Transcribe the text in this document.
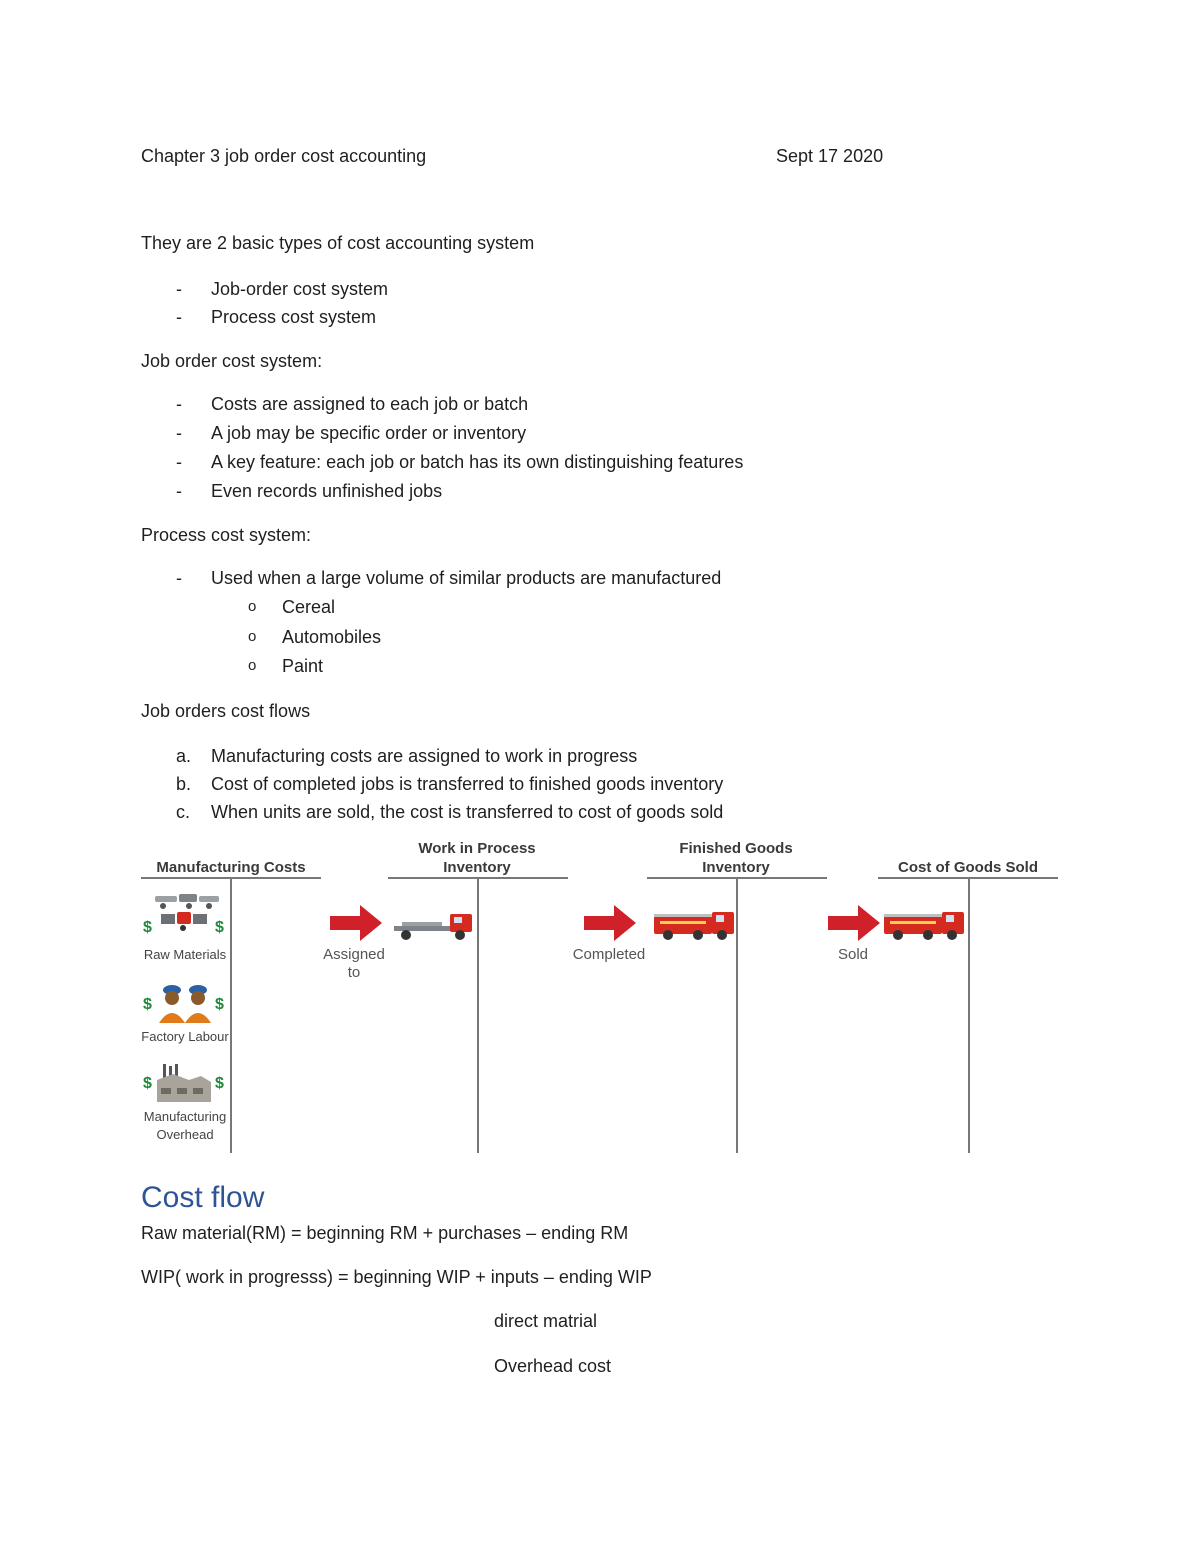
Chapter 3 job order cost accounting	Sept 17 2020
They are 2 basic types of cost accounting system
- Job-order cost system
- Process cost system
Job order cost system:
- Costs are assigned to each job or batch
- A job may be specific order or inventory
- A key feature: each job or batch has its own distinguishing features
- Even records unfinished jobs
Process cost system:
- Used when a large volume of similar products are manufactured
o Cereal
o Automobiles
o Paint
Job orders cost flows
a. Manufacturing costs are assigned to work in progress
b. Cost of completed jobs is transferred to finished goods inventory
c. When units are sold, the cost is transferred to cost of goods sold
Manufacturing Costs
Work in Process
Inventory
Finished Goods
Inventory	Cost of Goods Sold
$	$
Raw Materials
$	$
Factory Labour
$	$
Manufacturing
Overhead
Assigned
to
Completed	Sold
Cost flow
Raw material(RM) = beginning RM + purchases – ending RM
WIP( work in progresss) = beginning WIP + inputs – ending WIP
direct matrial
Overhead cost
